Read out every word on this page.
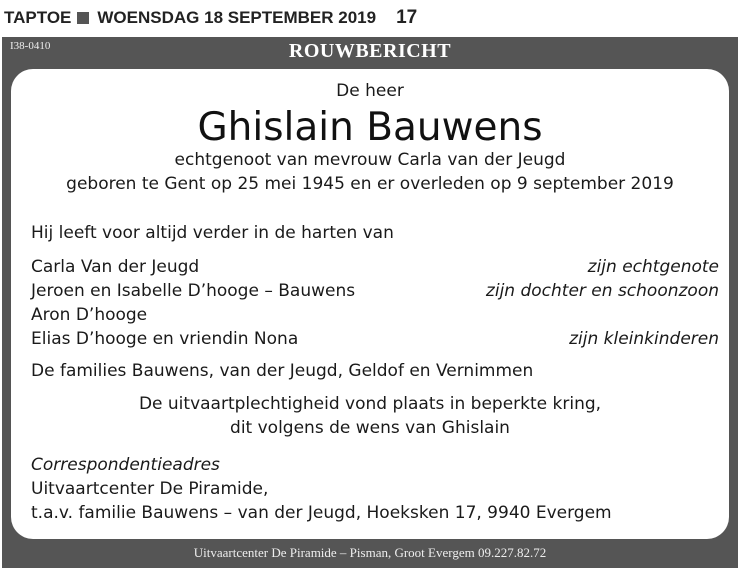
TAPTOE WOENSDAG 18 SEPTEMBER 2019 17
I38-0410	ROUWBERICHT
De heer
Ghislain Bauwens
echtgenoot van mevrouw Carla van der Jeugd
geboren te Gent op 25 mei 1945 en er overleden op 9 september 2019
Hij leeft voor altijd verder in de harten van
Carla Van der Jeugd	zijn echtgenote
Jeroen en Isabelle D’hooge – Bauwens	zijn dochter en schoonzoon
Aron D’hooge
Elias D’hooge en vriendin Nona	zijn kleinkinderen
De families Bauwens, van der Jeugd, Geldof en Vernimmen
De uitvaartplechtigheid vond plaats in beperkte kring,
dit volgens de wens van Ghislain
Correspondentieadres
Uitvaartcenter De Piramide,
t.a.v. familie Bauwens – van der Jeugd, Hoeksken 17, 9940 Evergem
Uitvaartcenter De Piramide – Pisman, Groot Evergem 09.227.82.72
